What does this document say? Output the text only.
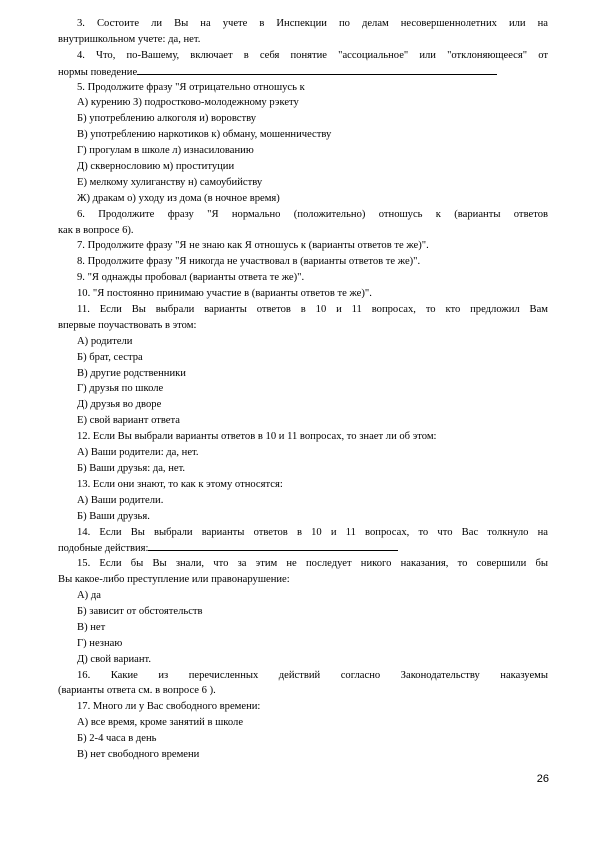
3. Состоите ли Вы на учете в Инспекции по делам несовершеннолетних или на
внутришкольном учете: да, нет.
4. Что, по-Вашему, включает в себя понятие "ассоциальное" или "отклоняющееся" от
нормы поведение
5. Продолжите фразу "Я отрицательно отношусь к
А) курению З) подростково-молодежному рэкету
Б) употреблению алкоголя и) воровству
В) употреблению наркотиков к) обману, мошенничеству
Г) прогулам в школе л) изнасилованию
Д) сквернословию м) проституции
Е) мелкому хулиганству н) самоубийству
Ж) дракам о) уходу из дома (в ночное время)
6. Продолжите фразу "Я нормально (положительно) отношусь к (варианты ответов
как в вопросе 6).
7. Продолжите фразу "Я не знаю как Я отношусь к (варианты ответов те же)".
8. Продолжите фразу "Я никогда не участвовал в (варианты ответов те же)".
9. "Я однажды пробовал (варианты ответа те же)".
10. "Я постоянно принимаю участие в (варианты ответов те же)".
11. Если Вы выбрали варианты ответов в 10 и 11 вопросах, то кто предложил Вам
впервые поучаствовать в этом:
А) родители
Б) брат, сестра
В) другие родственники
Г) друзья по школе
Д) друзья во дворе
Е) свой вариант ответа
12. Если Вы выбрали варианты ответов в 10 и 11 вопросах, то знает ли об этом:
А) Ваши родители: да, нет.
Б) Ваши друзья: да, нет.
13. Если они знают, то как к этому относятся:
А) Ваши родители.
Б) Ваши друзья.
14. Если Вы выбрали варианты ответов в 10 и 11 вопросах, то что Вас толкнуло на
подобные действия:
15. Если бы Вы знали, что за этим не последует никого наказания, то совершили бы
Вы какое-либо преступление или правонарушение:
А) да
Б) зависит от обстоятельств
В) нет
Г) незнаю
Д) свой вариант.
16. Какие из перечисленных действий согласно Законодательству наказуемы
(варианты ответа см. в вопросе 6 ).
17. Много ли у Вас свободного времени:
А) все время, кроме занятий в школе
Б) 2-4 часа в день
В) нет свободного времени
26
